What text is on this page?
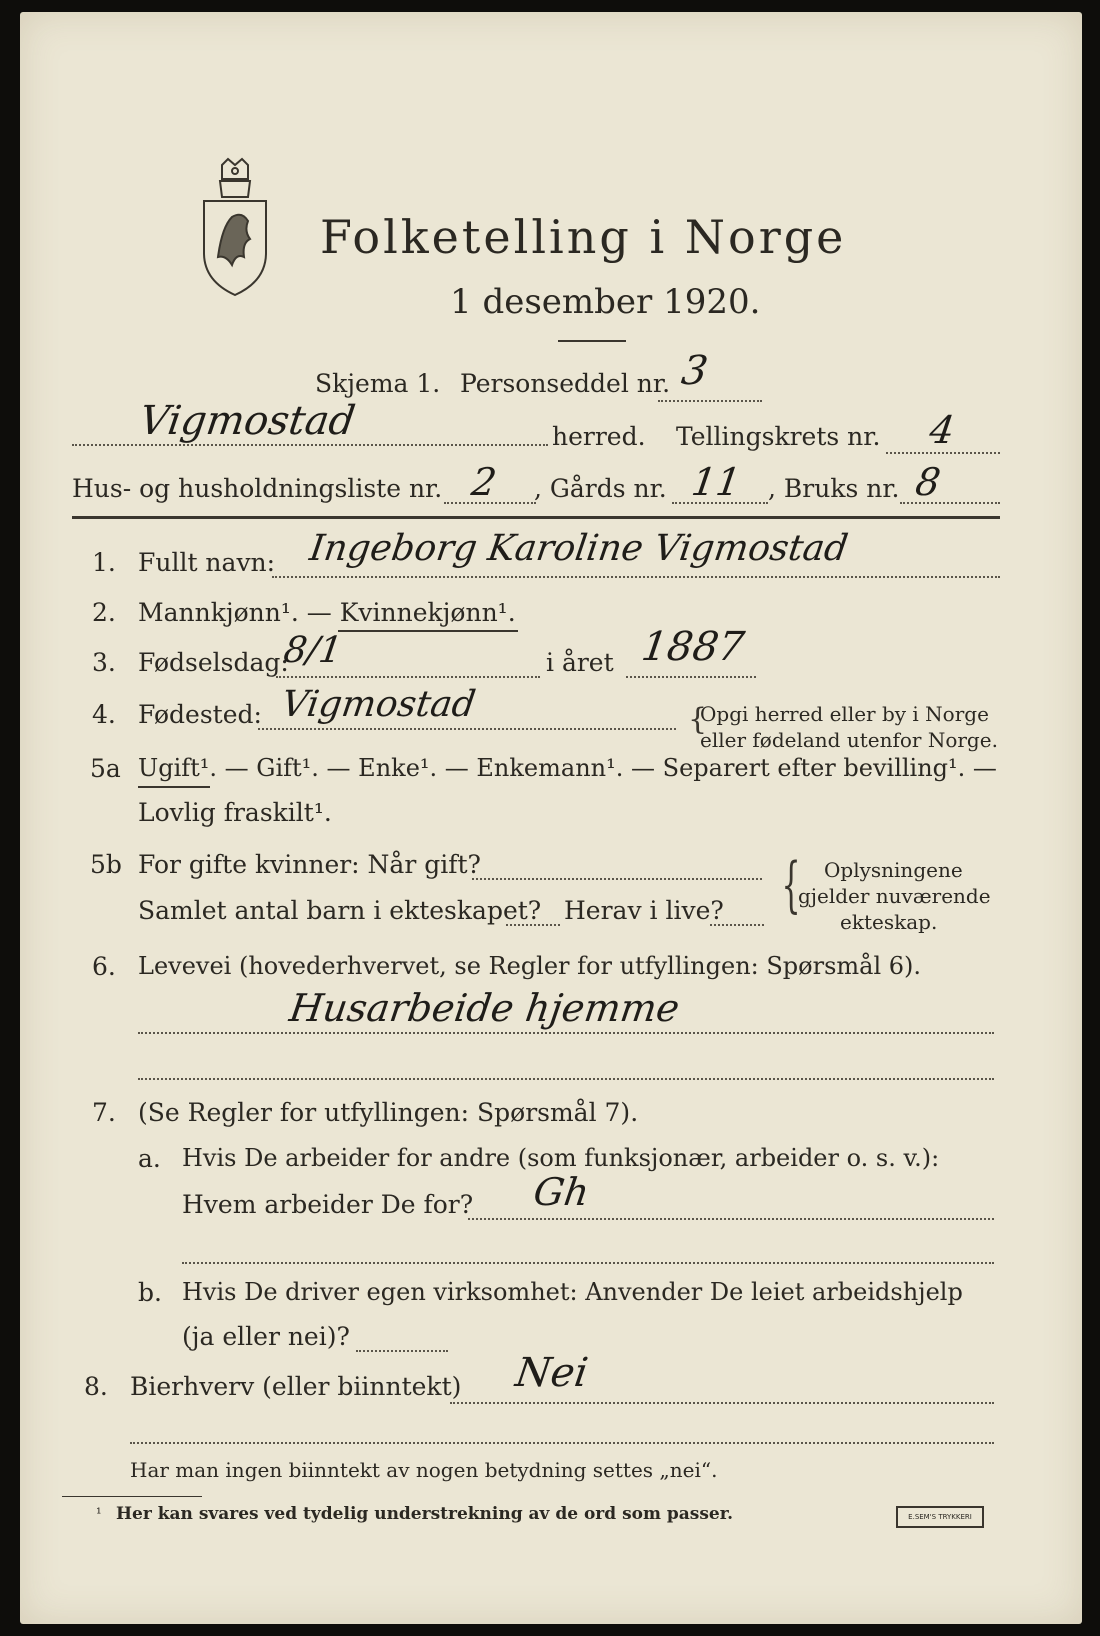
Folketelling i Norge
1 desember 1920.
Skjema 1. Personseddel nr. 3
Vigmostad	herred. Tellingskrets nr. 4
Hus- og husholdningsliste nr. 2 , Gårds nr. 11 , Bruks nr. 8
1. Fullt navn: Ingeborg Karoline Vigmostad
2. Mannkjønn¹. — Kvinnekjønn¹.
3. Fødselsdag:
8/1	i året 1887
4. Fødested: Vigmostad	{
Opgi herred eller by i Norge
eller fødeland utenfor Norge.
5a Ugift¹. — Gift¹. — Enke¹. — Enkemann¹. — Separert efter bevilling¹. —
Lovlig fraskilt¹.
5b For gifte kvinner: Når gift?
Samlet antal barn i ekteskapet? Herav i live? { Oplysningene
gjelder nuværende
ekteskap.
6. Levevei (hovederhvervet, se Regler for utfyllingen: Spørsmål 6).
Husarbeide hjemme
7. (Se Regler for utfyllingen: Spørsmål 7).
a. Hvis De arbeider for andre (som funksjonær, arbeider o. s. v.):
Hvem arbeider De for? Gh
b. Hvis De driver egen virksomhet: Anvender De leiet arbeidshjelp
(ja eller nei)?
8. Bierhverv (eller biinntekt) Nei
Har man ingen biinntekt av nogen betydning settes „nei“.
¹ Her kan svares ved tydelig understrekning av de ord som passer.	E.SEM'S TRYKKERI
